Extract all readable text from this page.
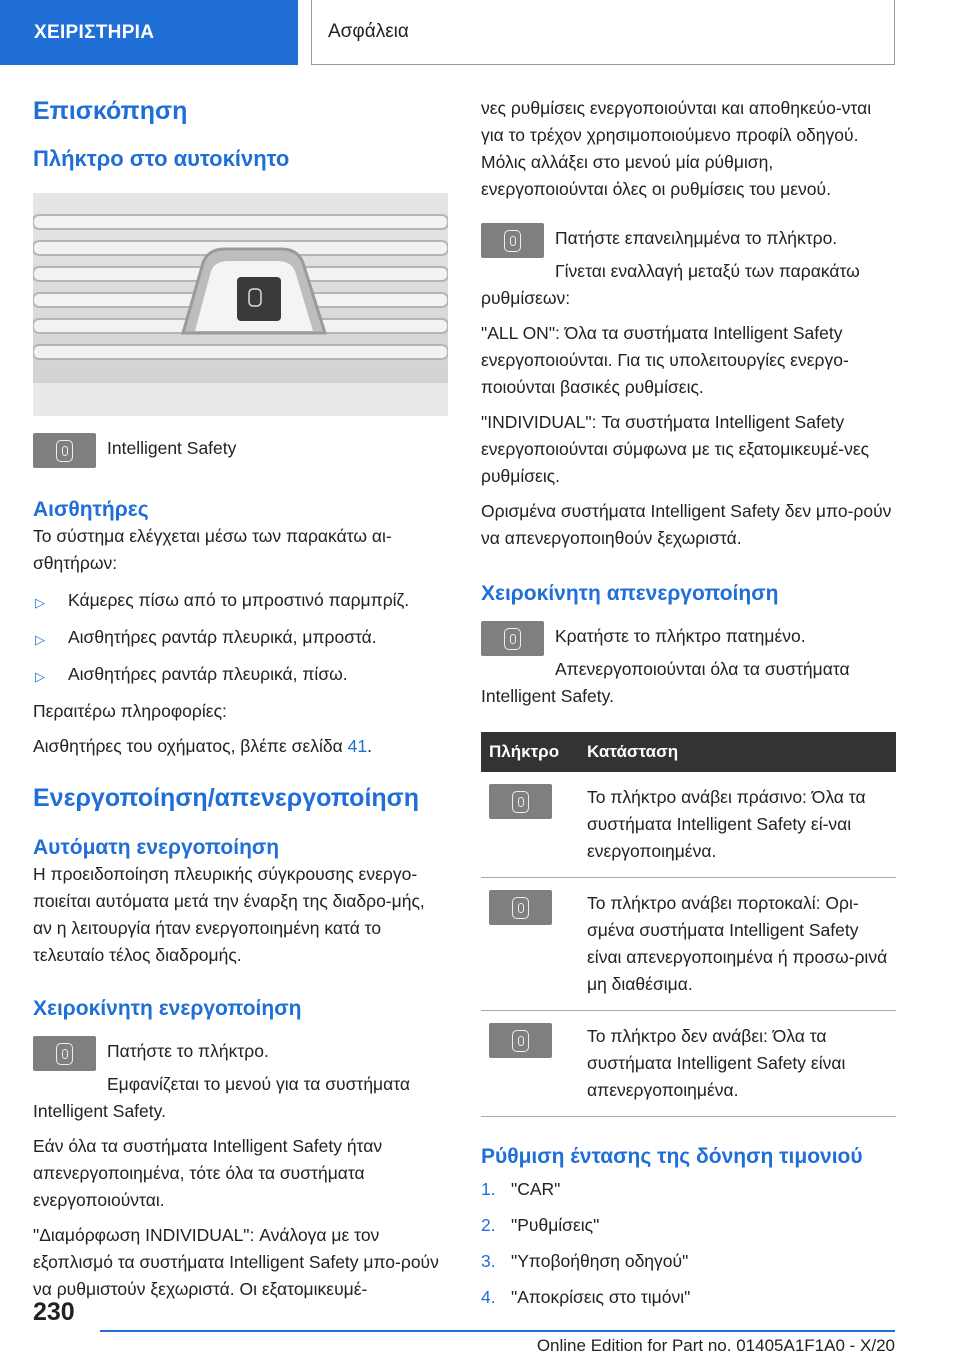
ΧΕΙΡΙΣΤΗΡΙΑ	Ασφάλεια
Επισκόπηση
Πλήκτρο στο αυτοκίνητο

Intelligent Safety

Αισθητήρες

Το σύστημα ελέγχεται μέσω των παρακάτω αι-σθητήρων:

▷ Κάμερες πίσω από το μπροστινό παρμπρίζ.
▷ Αισθητήρες ραντάρ πλευρικά, μπροστά.
▷ Αισθητήρες ραντάρ πλευρικά, πίσω.

Περαιτέρω πληροφορίες:

Αισθητήρες του οχήματος, βλέπε σελίδα 41.

Ενεργοποίηση/απενεργοποίηση
Αυτόματη ενεργοποίηση

Η προειδοποίηση πλευρικής σύγκρουσης ενεργο-ποιείται αυτόματα μετά την έναρξη της διαδρο-μής, αν η λειτουργία ήταν ενεργοποιημένη κατά το τελευταίο τέλος διαδρομής.

Χειροκίνητη ενεργοποίηση

Πατήστε το πλήκτρο.

Εμφανίζεται το μενού για τα συστήματα Intelligent Safety.

Εάν όλα τα συστήματα Intelligent Safety ήταν απενεργοποιημένα, τότε όλα τα συστήματα ενεργοποιούνται.

"Διαμόρφωση INDIVIDUAL": Ανάλογα με τον εξοπλισμό τα συστήματα Intelligent Safety μπο-ρούν να ρυθμιστούν ξεχωριστά. Οι εξατομικευμέ-

νες ρυθμίσεις ενεργοποιούνται και αποθηκεύο-νται για το τρέχον χρησιμοποιούμενο προφίλ οδηγού. Μόλις αλλάξει στο μενού μία ρύθμιση, ενεργοποιούνται όλες οι ρυθμίσεις του μενού.

Πατήστε επανειλημμένα το πλήκτρο.

Γίνεται εναλλαγή μεταξύ των παρακάτω ρυθμίσεων:

"ALL ON": Όλα τα συστήματα Intelligent Safety ενεργοποιούνται. Για τις υπολειτουργίες ενεργο-ποιούνται βασικές ρυθμίσεις.

"INDIVIDUAL": Τα συστήματα Intelligent Safety ενεργοποιούνται σύμφωνα με τις εξατομικευμέ-νες ρυθμίσεις.

Ορισμένα συστήματα Intelligent Safety δεν μπο-ρούν να απενεργοποιηθούν ξεχωριστά.

Χειροκίνητη απενεργοποίηση

Κρατήστε το πλήκτρο πατημένο.

Απενεργοποιούνται όλα τα συστήματα Intelligent Safety.

Πλήκτρο	Κατάσταση

	Το πλήκτρο ανάβει πράσινο: Όλα τα συστήματα Intelligent Safety εί-ναι ενεργοποιημένα.

	Το πλήκτρο ανάβει πορτοκαλί: Ορι-σμένα συστήματα Intelligent Safety είναι απενεργοποιημένα ή προσω-ρινά μη διαθέσιμα.

	Το πλήκτρο δεν ανάβει: Όλα τα συστήματα Intelligent Safety είναι απενεργοποιημένα.
Ρύθμιση έντασης της δόνηση τιμονιού
1. "CAR"
2. "Ρυθμίσεις"
3. "Υποβοήθηση οδηγού"
4. "Αποκρίσεις στο τιμόνι"
230
Online Edition for Part no. 01405A1F1A0 - X/20
